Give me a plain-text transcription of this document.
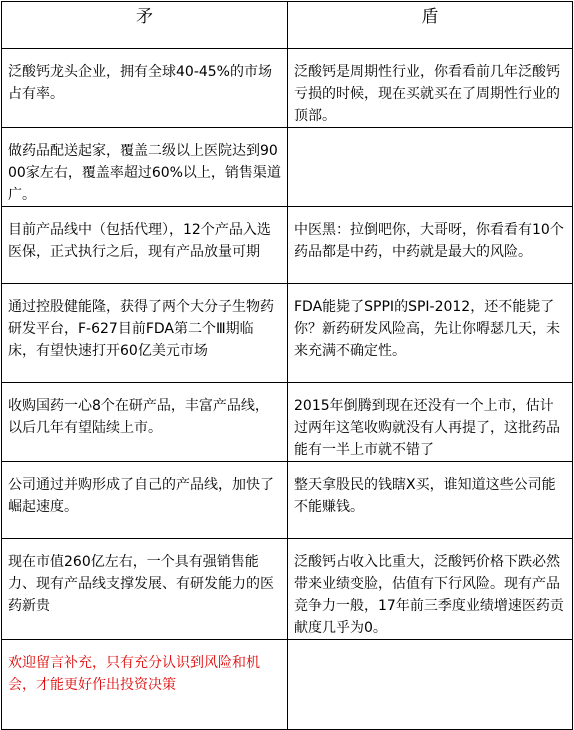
矛	盾

泛酸钙龙头企业，拥有全球40-45%的市场占有率。	泛酸钙是周期性行业，你看看前几年泛酸钙亏损的时候，现在买就买在了周期性行业的顶部。

做药品配送起家，覆盖二级以上医院达到9000家左右，覆盖率超过60%以上，销售渠道广。	

目前产品线中（包括代理），12个产品入选医保，正式执行之后，现有产品放量可期	中医黑：拉倒吧你，大哥呀，你看看有10个药品都是中药，中药就是最大的风险。

通过控股健能隆，获得了两个大分子生物药研发平台，F-627目前FDA第二个Ⅲ期临床，有望快速打开60亿美元市场	FDA能毙了SPPI的SPI-2012，还不能毙了你？新药研发风险高，先让你嘚瑟几天，未来充满不确定性。

收购国药一心8个在研产品，丰富产品线，以后几年有望陆续上市。	2015年倒腾到现在还没有一个上市，估计过两年这笔收购就没有人再提了，这批药品能有一半上市就不错了

公司通过并购形成了自己的产品线，加快了崛起速度。	整天拿股民的钱瞎X买，谁知道这些公司能不能赚钱。

现在市值260亿左右，一个具有强销售能力、现有产品线支撑发展、有研发能力的医药新贵	泛酸钙占收入比重大，泛酸钙价格下跌必然带来业绩变脸，估值有下行风险。现有产品竞争力一般，17年前三季度业绩增速医药贡献度几乎为0。

欢迎留言补充，只有充分认识到风险和机会，才能更好作出投资决策	
